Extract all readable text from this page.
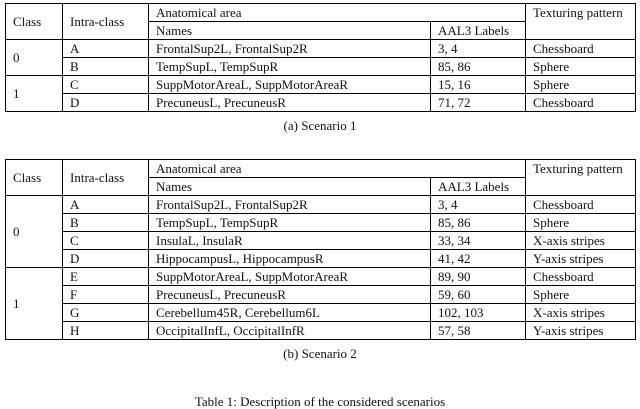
Class	Intra-class	Anatomical area		Texturing pattern
		Names	AAL3 Labels	
0	A	FrontalSup2L, FrontalSup2R	3, 4	Chessboard
	B	TempSupL, TempSupR	85, 86	Sphere
1	C	SuppMotorAreaL, SuppMotorAreaR	15, 16	Sphere
	D	PrecuneusL, PrecuneusR	71, 72	Chessboard
(a) Scenario 1
Class	Intra-class	Anatomical area		Texturing pattern
		Names	AAL3 Labels	
0	A	FrontalSup2L, FrontalSup2R	3, 4	Chessboard
	B	TempSupL, TempSupR	85, 86	Sphere
	C	InsulaL, InsulaR	33, 34	X-axis stripes
	D	HippocampusL, HippocampusR	41, 42	Y-axis stripes
1	E	SuppMotorAreaL, SuppMotorAreaR	89, 90	Chessboard
	F	PrecuneusL, PrecuneusR	59, 60	Sphere
	G	Cerebellum45R, Cerebellum6L	102, 103	X-axis stripes
	H	OccipitalInfL, OccipitalInfR	57, 58	Y-axis stripes
(b) Scenario 2
Table 1: Description of the considered scenarios
